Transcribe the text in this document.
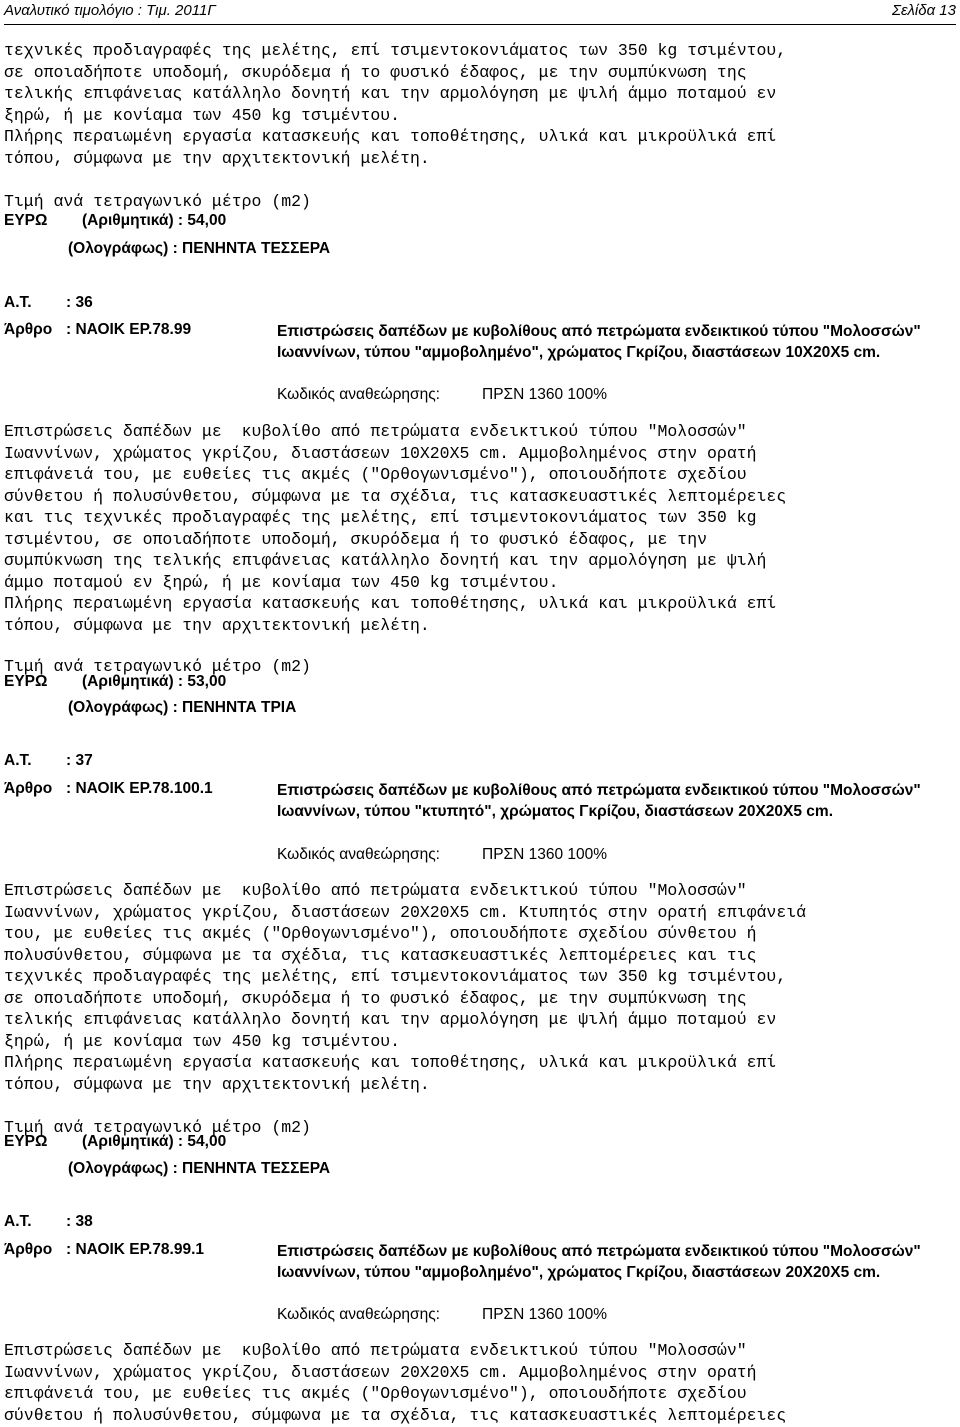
Αναλυτικό τιμολόγιο : Τιμ. 2011Γ	Σελίδα 13

τεχνικές προδιαγραφές της μελέτης, επί τσιμεντοκονιάματος των 350 kg τσιμέντου,
σε οποιαδήποτε υποδομή, σκυρόδεμα ή το φυσικό έδαφος, με την συμπύκνωση της
τελικής επιφάνειας κατάλληλο δονητή και την αρμολόγηση με ψιλή άμμο ποταμού εν
ξηρώ, ή με κονίαμα των 450 kg τσιμέντου.
Πλήρης περαιωμένη εργασία κατασκευής και τοποθέτησης, υλικά και μικροϋλικά επί
τόπου, σύμφωνα με την αρχιτεκτονική μελέτη.

Τιμή ανά τετραγωνικό μέτρο (m2)
ΕΥΡΩ (Αριθμητικά) : 54,00
(Ολογράφως) : ΠΕΝΗΝΤΑ ΤΕΣΣΕΡΑ
Α.Τ. : 36
Άρθρο : ΝΑΟΙΚ ΕΡ.78.99	Επιστρώσεις δαπέδων με κυβολίθους από πετρώματα ενδεικτικού τύπου "Μολοσσών" Ιωαννίνων, τύπου "αμμοβολημένο", χρώματος Γκρίζου, διαστάσεων 10Χ20Χ5 cm.
Κωδικός αναθεώρησης:	ΠΡΣΝ 1360 100%

Επιστρώσεις δαπέδων με  κυβολίθο από πετρώματα ενδεικτικού τύπου "Μολοσσών"
Ιωαννίνων, χρώματος γκρίζου, διαστάσεων 10Χ20Χ5 cm. Αμμοβολημένος στην ορατή
επιφάνειά του, με ευθείες τις ακμές ("Ορθογωνισμένο"), οποιουδήποτε σχεδίου
σύνθετου ή πολυσύνθετου, σύμφωνα με τα σχέδια, τις κατασκευαστικές λεπτομέρειες
και τις τεχνικές προδιαγραφές της μελέτης, επί τσιμεντοκονιάματος των 350 kg
τσιμέντου, σε οποιαδήποτε υποδομή, σκυρόδεμα ή το φυσικό έδαφος, με την
συμπύκνωση της τελικής επιφάνειας κατάλληλο δονητή και την αρμολόγηση με ψιλή
άμμο ποταμού εν ξηρώ, ή με κονίαμα των 450 kg τσιμέντου.
Πλήρης περαιωμένη εργασία κατασκευής και τοποθέτησης, υλικά και μικροϋλικά επί
τόπου, σύμφωνα με την αρχιτεκτονική μελέτη.

Τιμή ανά τετραγωνικό μέτρο (m2)
ΕΥΡΩ (Αριθμητικά) : 53,00
(Ολογράφως) : ΠΕΝΗΝΤΑ ΤΡΙΑ
Α.Τ. : 37
Άρθρο : ΝΑΟΙΚ ΕΡ.78.100.1	Επιστρώσεις δαπέδων με κυβολίθους από πετρώματα ενδεικτικού τύπου "Μολοσσών" Ιωαννίνων, τύπου "κτυπητό", χρώματος Γκρίζου, διαστάσεων 20Χ20Χ5 cm.
Κωδικός αναθεώρησης:	ΠΡΣΝ 1360 100%

Επιστρώσεις δαπέδων με  κυβολίθο από πετρώματα ενδεικτικού τύπου "Μολοσσών"
Ιωαννίνων, χρώματος γκρίζου, διαστάσεων 20Χ20Χ5 cm. Κτυπητός στην ορατή επιφάνειά
του, με ευθείες τις ακμές ("Ορθογωνισμένο"), οποιουδήποτε σχεδίου σύνθετου ή
πολυσύνθετου, σύμφωνα με τα σχέδια, τις κατασκευαστικές λεπτομέρειες και τις
τεχνικές προδιαγραφές της μελέτης, επί τσιμεντοκονιάματος των 350 kg τσιμέντου,
σε οποιαδήποτε υποδομή, σκυρόδεμα ή το φυσικό έδαφος, με την συμπύκνωση της
τελικής επιφάνειας κατάλληλο δονητή και την αρμολόγηση με ψιλή άμμο ποταμού εν
ξηρώ, ή με κονίαμα των 450 kg τσιμέντου.
Πλήρης περαιωμένη εργασία κατασκευής και τοποθέτησης, υλικά και μικροϋλικά επί
τόπου, σύμφωνα με την αρχιτεκτονική μελέτη.

Τιμή ανά τετραγωνικό μέτρο (m2)
ΕΥΡΩ (Αριθμητικά) : 54,00
(Ολογράφως) : ΠΕΝΗΝΤΑ ΤΕΣΣΕΡΑ
Α.Τ. : 38
Άρθρο : ΝΑΟΙΚ ΕΡ.78.99.1	Επιστρώσεις δαπέδων με κυβολίθους από πετρώματα ενδεικτικού τύπου "Μολοσσών" Ιωαννίνων, τύπου "αμμοβολημένο", χρώματος Γκρίζου, διαστάσεων 20Χ20Χ5 cm.
Κωδικός αναθεώρησης:	ΠΡΣΝ 1360 100%

Επιστρώσεις δαπέδων με  κυβολίθο από πετρώματα ενδεικτικού τύπου "Μολοσσών"
Ιωαννίνων, χρώματος γκρίζου, διαστάσεων 20Χ20Χ5 cm. Αμμοβολημένος στην ορατή
επιφάνειά του, με ευθείες τις ακμές ("Ορθογωνισμένο"), οποιουδήποτε σχεδίου
σύνθετου ή πολυσύνθετου, σύμφωνα με τα σχέδια, τις κατασκευαστικές λεπτομέρειες
